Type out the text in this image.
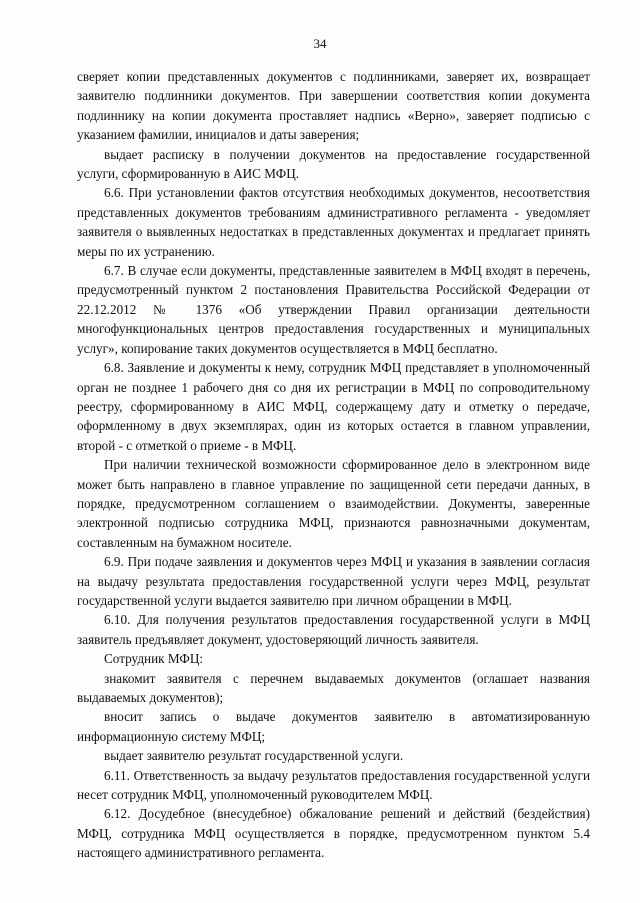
34

сверяет копии представленных документов с подлинниками, заверяет их, возвращает заявителю подлинники документов. При завершении соответствия копии документа подлиннику на копии документа проставляет надпись «Верно», заверяет подписью с указанием фамилии, инициалов и даты заверения;

выдает расписку в получении документов на предоставление государственной услуги, сформированную в АИС МФЦ.

6.6. При установлении фактов отсутствия необходимых документов, несоответствия представленных документов требованиям административного регламента - уведомляет заявителя о выявленных недостатках в представленных документах и предлагает принять меры по их устранению.

6.7. В случае если документы, представленные заявителем в МФЦ входят в перечень, предусмотренный пунктом 2 постановления Правительства Российской Федерации от 22.12.2012 № 1376 «Об утверждении Правил организации деятельности многофункциональных центров предоставления государственных и муниципальных услуг», копирование таких документов осуществляется в МФЦ бесплатно.

6.8. Заявление и документы к нему, сотрудник МФЦ представляет в уполномоченный орган не позднее 1 рабочего дня со дня их регистрации в МФЦ по сопроводительному реестру, сформированному в АИС МФЦ, содержащему дату и отметку о передаче, оформленному в двух экземплярах, один из которых остается в главном управлении, второй - с отметкой о приеме - в МФЦ.

При наличии технической возможности сформированное дело в электронном виде может быть направлено в главное управление по защищенной сети передачи данных, в порядке, предусмотренном соглашением о взаимодействии. Документы, заверенные электронной подписью сотрудника МФЦ, признаются равнозначными документам, составленным на бумажном носителе.

6.9. При подаче заявления и документов через МФЦ и указания в заявлении согласия на выдачу результата предоставления государственной услуги через МФЦ, результат государственной услуги выдается заявителю при личном обращении в МФЦ.

6.10. Для получения результатов предоставления государственной услуги в МФЦ заявитель предъявляет документ, удостоверяющий личность заявителя.

Сотрудник МФЦ:

знакомит заявителя с перечнем выдаваемых документов (оглашает названия выдаваемых документов);

вносит запись о выдаче документов заявителю в автоматизированную информационную систему МФЦ;

выдает заявителю результат государственной услуги.

6.11. Ответственность за выдачу результатов предоставления государственной услуги несет сотрудник МФЦ, уполномоченный руководителем МФЦ.

6.12. Досудебное (внесудебное) обжалование решений и действий (бездействия) МФЦ, сотрудника МФЦ осуществляется в порядке, предусмотренном пунктом 5.4 настоящего административного регламента.
